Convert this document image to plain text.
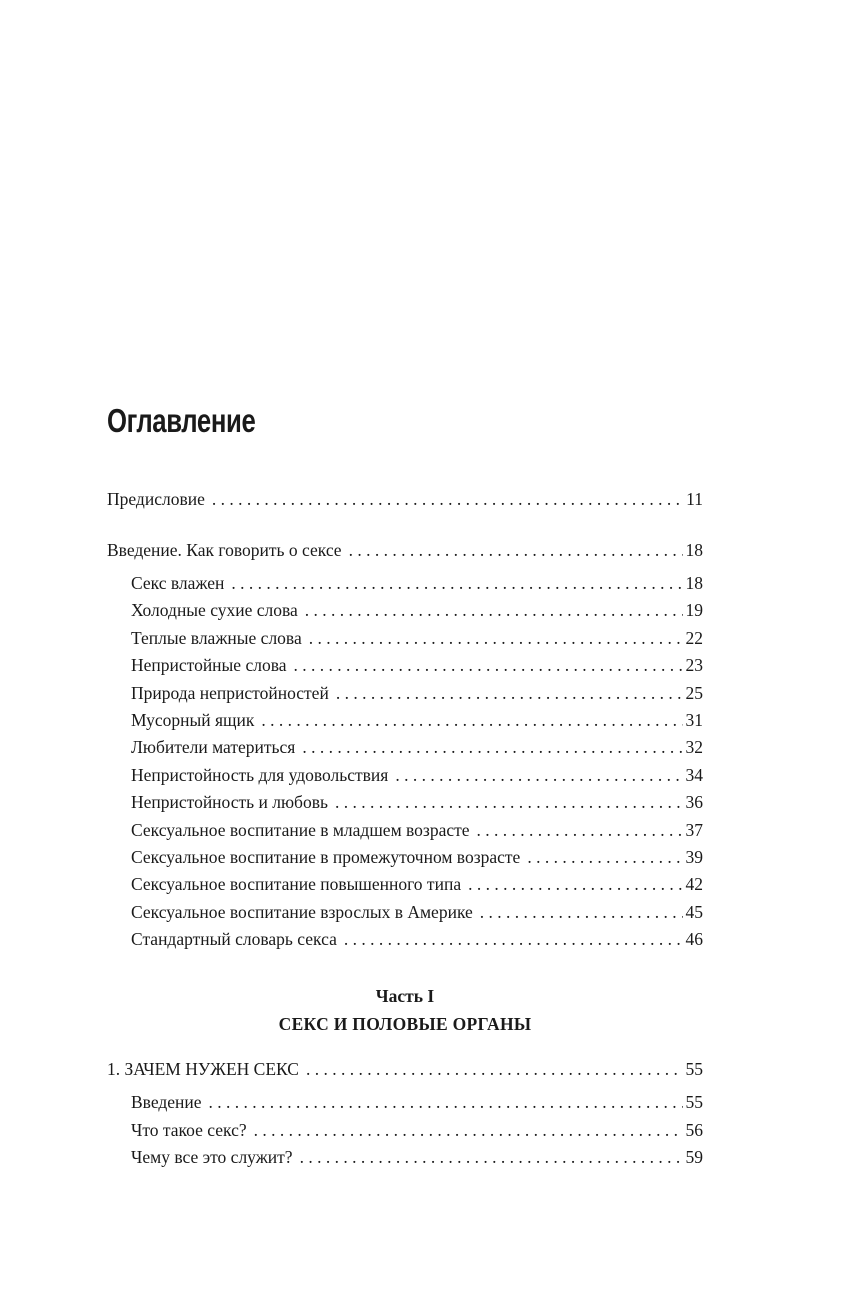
Оглавление
Предисловие . . .	11
Введение. Как говорить о сексе . . .	18
Секс влажен . . .	18
Холодные сухие слова . . .	19
Теплые влажные слова . . .	22
Непристойные слова . . .	23
Природа непристойностей . . .	25
Мусорный ящик . . .	31
Любители материться . . .	32
Непристойность для удовольствия . . .	34
Непристойность и любовь . . .	36
Сексуальное воспитание в младшем возрасте . . .	37
Сексуальное воспитание в промежуточном возрасте . . .	39
Сексуальное воспитание повышенного типа . . .	42
Сексуальное воспитание взрослых в Америке . . .	45
Стандартный словарь секса . . .	46
Часть I
СЕКС И ПОЛОВЫЕ ОРГАНЫ
1. ЗАЧЕМ НУЖЕН СЕКС . . .	55
Введение . . .	55
Что такое секс? . . .	56
Чему все это служит? . . .	59
